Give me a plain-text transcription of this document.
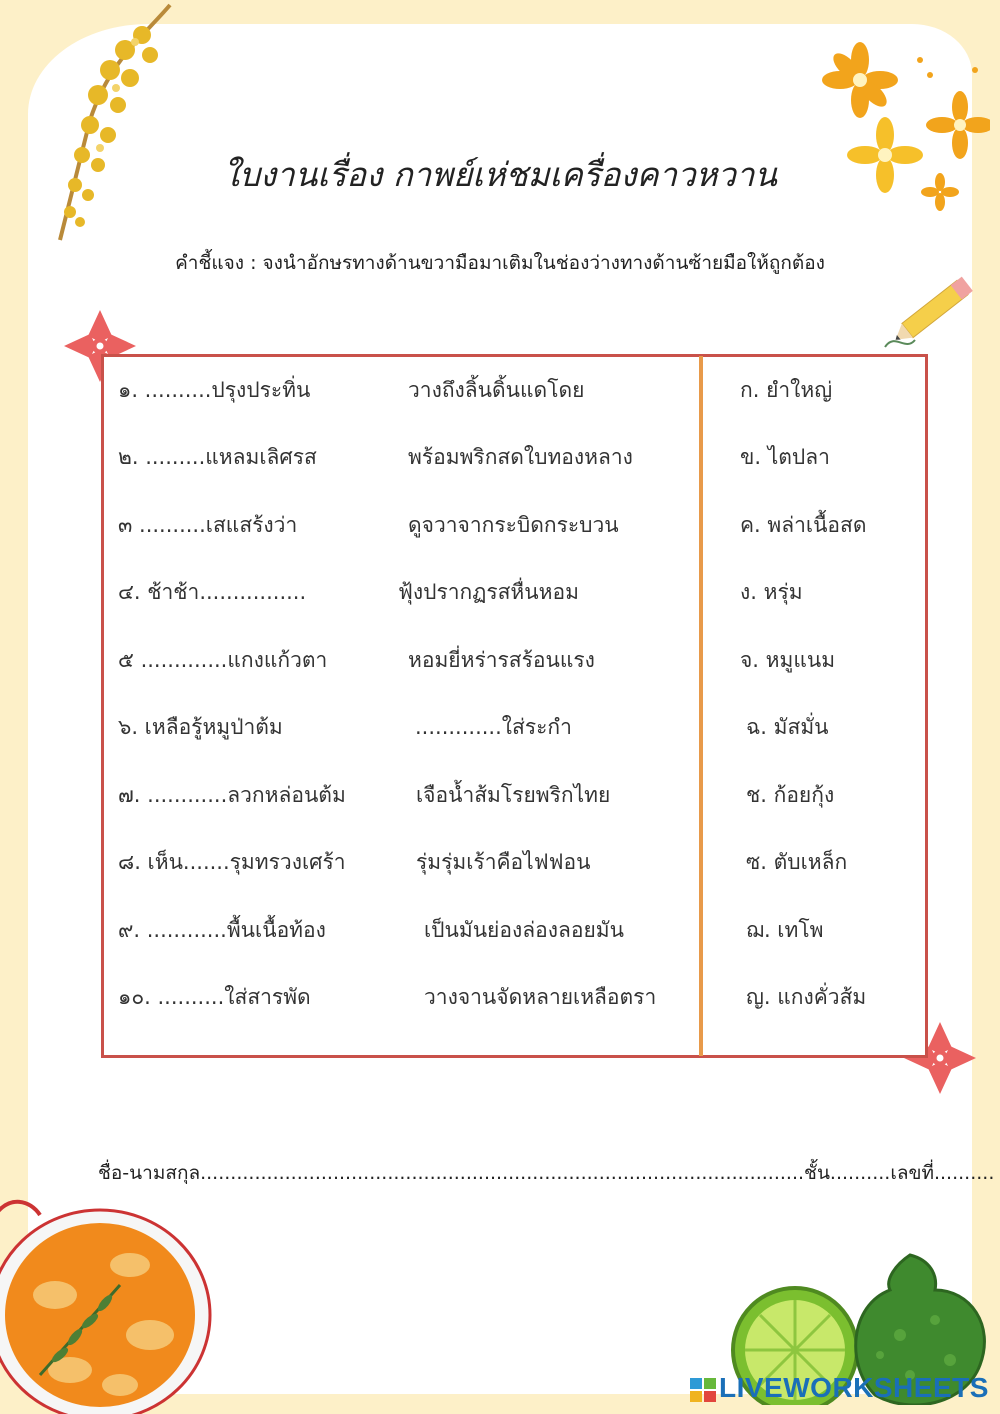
ใบงานเรื่อง กาพย์เห่ชมเครื่องคาวหวาน
คำชี้แจง : จงนำอักษรทางด้านขวามือมาเติมในช่องว่างทางด้านซ้ายมือให้ถูกต้อง
๑. ..........ปรุงประทิ่น
๒. .........แหลมเลิศรส
๓ ..........เสแสร้งว่า
๔. ช้าช้า................
๕ .............แกงแก้วตา
๖. เหลือรู้หมูป่าต้ม
๗. ............ลวกหล่อนต้ม
๘. เห็น.......รุมทรวงเศร้า
๙. ............พื้นเนื้อท้อง
๑๐. ..........ใส่สารพัด
วางถึงลิ้นดิ้นแดโดย
พร้อมพริกสดใบทองหลาง
ดูจวาจากระบิดกระบวน
ฟุ้งปรากฏรสหื่นหอม
หอมยี่หร่ารสร้อนแรง
.............ใส่ระกำ
เจือน้ำส้มโรยพริกไทย
รุ่มรุ่มเร้าคือไฟฟอน
เป็นมันย่องล่องลอยมัน
วางจานจัดหลายเหลือตรา
ก. ยำใหญ่
ข. ไตปลา
ค. พล่าเนื้อสด
ง. หรุ่ม
จ. หมูแนม
ฉ. มัสมั่น
ช. ก้อยกุ้ง
ซ. ตับเหล็ก
ฌ. เทโพ
ญ. แกงคั่วส้ม
ชื่อ-นามสกุล....................................................................................................ชั้น..........เลขที่..........
LIVEWORKSHEETS
